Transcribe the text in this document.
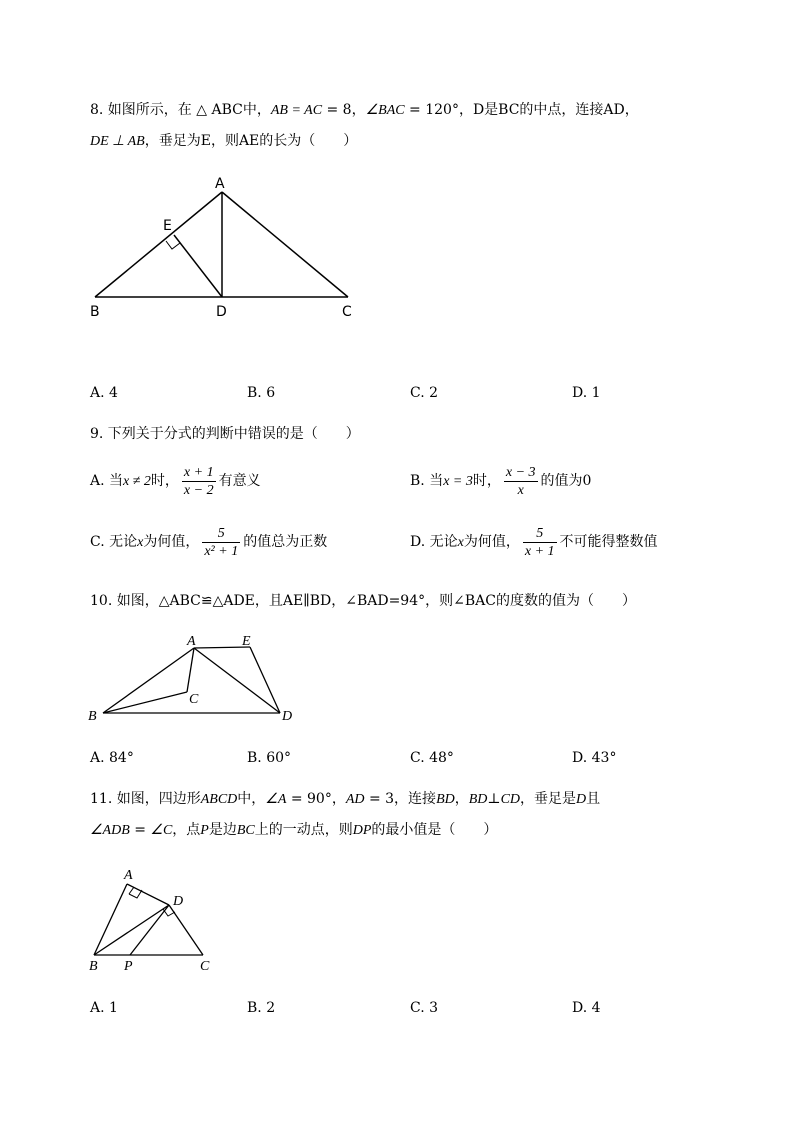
8. 如图所示，在 △ ABC中，AB = AC = 8，∠BAC = 120°，D是BC的中点，连接AD，
DE ⊥ AB，垂足为E，则AE的长为（　　）
A
B	C
D
E
A. 4	B. 6	C. 2	D. 1
9. 下列关于分式的判断中错误的是（　　）
A. 当x ≠ 2时， $\frac{x + 1}{x - 2}$ 有意义	B. 当x = 3时， $\frac{x - 3}{x}$ 的值为0
C. 无论x为何值， $\frac{5}{\text{x² + 1}}$ 的值总为正数	D. 无论x为何值， $\frac{5}{x + 1}$ 不可能得整数值
10. 如图，△ABC≌△ADE，且AE∥BD，∠BAD=94°，则∠BAC的度数的值为（　　）
A	E
B
C
D
A. 84°	B. 60°	C. 48°	D. 43°
11. 如图，四边形ABCD中，∠A = 90°，AD = 3，连接BD，BD⊥CD，垂足是D且
∠ADB = ∠C，点P是边BC上的一动点，则DP的最小值是（　　）
A
D
B P	C
A. 1	B. 2	C. 3	D. 4
